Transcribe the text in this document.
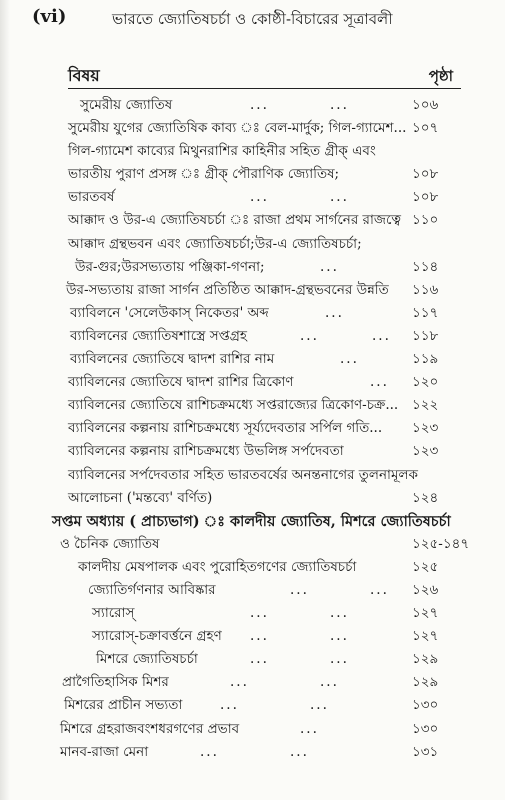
(vi)	ভারতে জ্যোতিষচর্চা ও কোষ্ঠী-বিচারের সূত্রাবলী
বিষয়	পৃষ্ঠা
সুমেরীয় জ্যোতিষ	...	...	১০৬
সুমেরীয় যুগের জ্যোতিষিক কাব্য ঃ বেল-মার্দুক; গিল-গ্যামেশ... ১০৭
গিল-গ্যামেশ কাব্যের মিথুনরাশির কাহিনীর সহিত গ্রীক্ এবং
ভারতীয় পুরাণ প্রসঙ্গ ঃ গ্রীক্ পৌরাণিক জ্যোতিষ;	১০৮
ভারতবর্ষ	...	...	১০৮
আক্কাদ ও উর-এ জ্যোতিষচর্চা ঃ রাজা প্রথম সার্গনের রাজত্বে ১১০
আক্কাদ গ্রন্থভবন এবং জ্যোতিষচর্চা;উর-এ জ্যোতিষচর্চা;
উর-গুর;উরসভ্যতায় পঞ্জিকা-গণনা;	...	১১৪
উর-সভ্যতায় রাজা সার্গন প্রতিষ্ঠিত আক্কাদ-গ্রন্থভবনের উন্নতি ১১৬
ব্যাবিলনে 'সেলেউকাস্ নিকেতর' অব্দ	...	১১৭
ব্যাবিলনের জ্যোতিষশাস্ত্রে সপ্তগ্রহ	...	... ১১৮
ব্যাবিলনের জ্যোতিষে দ্বাদশ রাশির নাম	...	১১৯
ব্যাবিলনের জ্যোতিষে দ্বাদশ রাশির ত্রিকোণ	... ১২০
ব্যাবিলনের জ্যোতিষে রাশিচক্রমধ্যে সপ্তরাজ্যের ত্রিকোণ-চক্র... ১২২
ব্যাবিলনের কল্পনায় রাশিচক্রমধ্যে সূর্য্যদেবতার সর্পিল গতি... ১২৩
ব্যাবিলনের কল্পনায় রাশিচক্রমধ্যে উভলিঙ্গ সর্পদেবতা	১২৩
ব্যাবিলনের সর্পদেবতার সহিত ভারতবর্ষের অনন্তনাগের তুলনামূলক
আলোচনা ('মন্তব্যে' বর্ণিত)	১২৪
সপ্তম অধ্যায় ( প্রাচ্যভাগ) ঃ কালদীয় জ্যোতিষ, মিশরে জ্যোতিষচর্চা
ও চৈনিক জ্যোতিষ	১২৫-১৪৭
কালদীয় মেষপালক এবং পুরোহিতগণের জ্যোতিষচর্চা	১২৫
জ্যোতির্গণনার আবিষ্কার	...	... ১২৬
স্যারোস্	...	...	১২৭
স্যারোস্-চক্রাবর্ত্তনে গ্রহণ ...	...	১২৭
মিশরে জ্যোতিষচর্চা	...	...	১২৯
প্রাগৈতিহাসিক মিশর	...	...	১২৯
মিশরের প্রাচীন সভ্যতা	...	...	১৩০
মিশরে গ্রহরাজবংশধরগণের প্রভাব	...	১৩০
মানব-রাজা মেনা	...	...	১৩১
